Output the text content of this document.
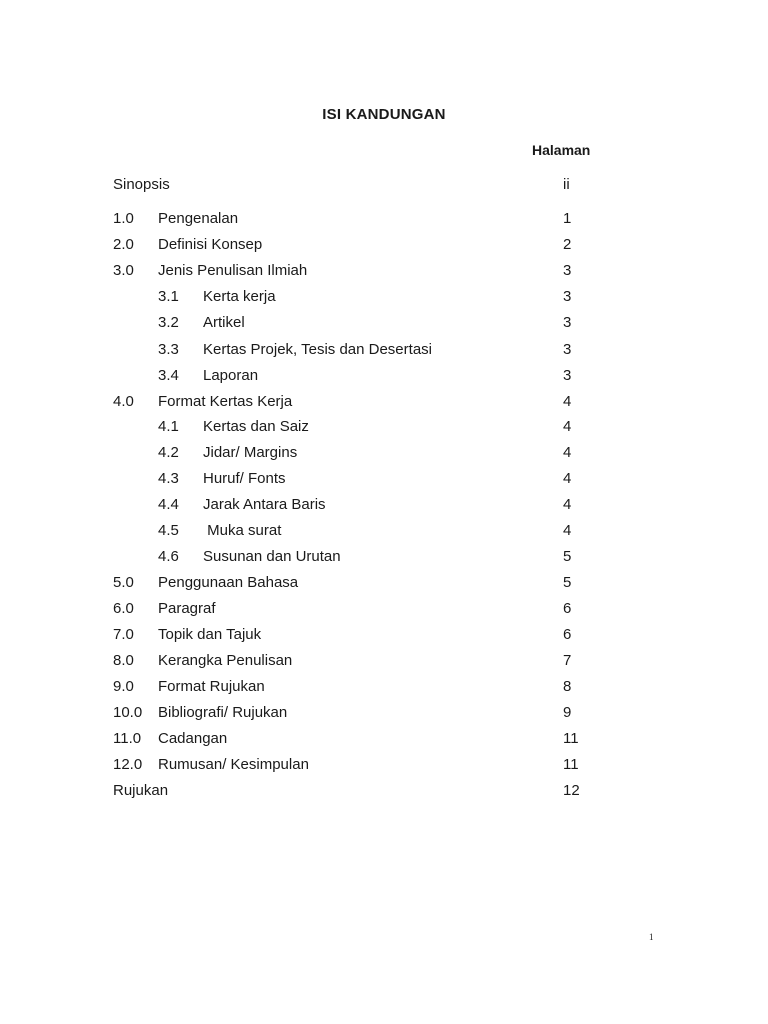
ISI KANDUNGAN
Halaman
Sinopsis	ii
1.0 Pengenalan	1
2.0 Definisi Konsep	2
3.0 Jenis Penulisan Ilmiah	3
3.1 Kerta kerja	3
3.2 Artikel	3
3.3 Kertas Projek, Tesis dan Desertasi	3
3.4 Laporan	3
4.0 Format Kertas Kerja	4
4.1 Kertas dan Saiz	4
4.2 Jidar/ Margins	4
4.3 Huruf/ Fonts	4
4.4 Jarak Antara Baris	4
4.5 Muka surat	4
4.6 Susunan dan Urutan	5
5.0 Penggunaan Bahasa	5
6.0 Paragraf	6
7.0 Topik dan Tajuk	6
8.0 Kerangka Penulisan	7
9.0 Format Rujukan	8
10.0 Bibliografi/ Rujukan	9
11.0 Cadangan	11
12.0 Rumusan/ Kesimpulan	11
Rujukan	12
1
